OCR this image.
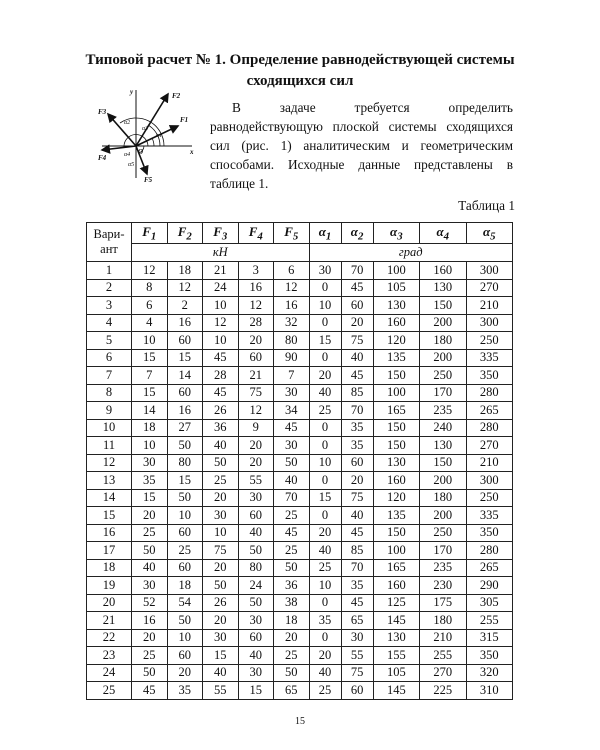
Типовой расчет № 1. Определение равнодействующей системы
сходящихся сил
F1
F2
F3
F4
F5
y
x
O
α1
α2
α3
α4
α5
В задаче требуется определить равнодействующую плоской системы сходящихся сил (рис. 1) аналитическим и геометрическим способами. Исходные данные представлены в таблице 1.
Таблица 1
Вари-ант	$F_1$	$F_2$	$F_3$	$F_4$	$F_5$	$\alpha_1$	$\alpha_2$	$\alpha_3$	$\alpha_4$	$\alpha_5$
	кН					град				
1	12	18	21	3	6	30	70	100	160	300
2	8	12	24	16	12	0	45	105	130	270
3	6	2	10	12	16	10	60	130	150	210
4	4	16	12	28	32	0	20	160	200	300
5	10	60	10	20	80	15	75	120	180	250
6	15	15	45	60	90	0	40	135	200	335
7	7	14	28	21	7	20	45	150	250	350
8	15	60	45	75	30	40	85	100	170	280
9	14	16	26	12	34	25	70	165	235	265
10	18	27	36	9	45	0	35	150	240	280
11	10	50	40	20	30	0	35	150	130	270
12	30	80	50	20	50	10	60	130	150	210
13	35	15	25	55	40	0	20	160	200	300
14	15	50	20	30	70	15	75	120	180	250
15	20	10	30	60	25	0	40	135	200	335
16	25	60	10	40	45	20	45	150	250	350
17	50	25	75	50	25	40	85	100	170	280
18	40	60	20	80	50	25	70	165	235	265
19	30	18	50	24	36	10	35	160	230	290
20	52	54	26	50	38	0	45	125	175	305
21	16	50	20	30	18	35	65	145	180	255
22	20	10	30	60	20	0	30	130	210	315
23	25	60	15	40	25	20	55	155	255	350
24	50	20	40	30	50	40	75	105	270	320
25	45	35	55	15	65	25	60	145	225	310
15
